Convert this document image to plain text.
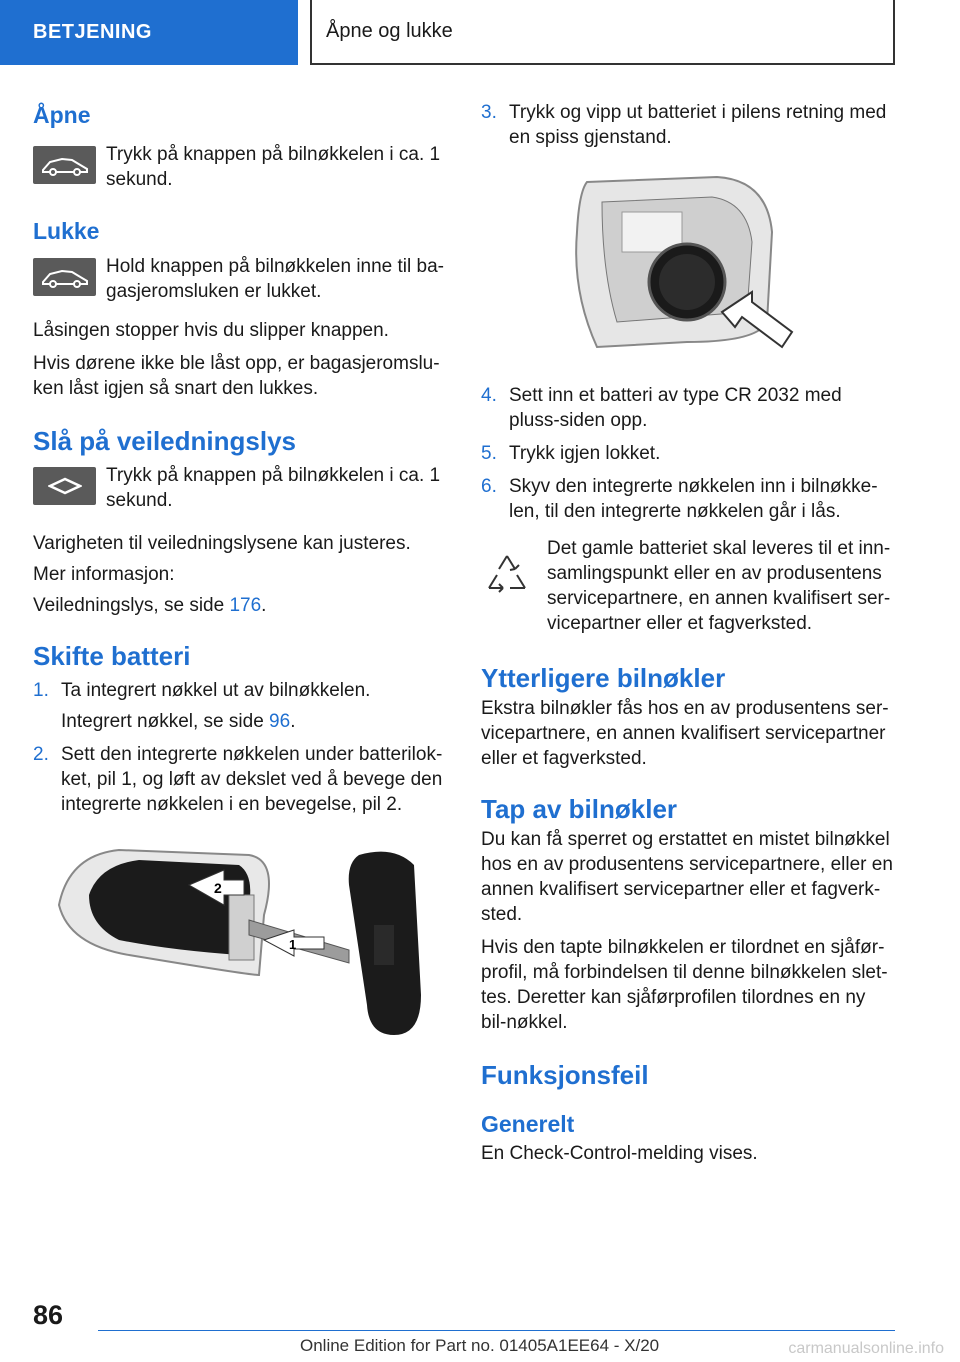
BETJENING	Åpne og lukke
Åpne

Trykk på knappen på bilnøkkelen i ca. 1 sekund.

Lukke

Hold knappen på bilnøkkelen inne til ba-gasjeromsluken er lukket.

Låsingen stopper hvis du slipper knappen.

Hvis dørene ikke ble låst opp, er bagasjeromslu-ken låst igjen så snart den lukkes.

Slå på veiledningslys

Trykk på knappen på bilnøkkelen i ca. 1 sekund.

Varigheten til veiledningslysene kan justeres.

Mer informasjon:

Veiledningslys, se side 176.

Skifte batteri
1. Ta integrert nøkkel ut av bilnøkkelen.

Integrert nøkkel, se side 96.

2. Sett den integrerte nøkkelen under batterilok-ket, pil 1, og løft av dekslet ved å bevege den integrerte nøkkelen i en bevegelse, pil 2.

2
1
3. Trykk og vipp ut batteriet i pilens retning med en spiss gjenstand.

4. Sett inn et batteri av type CR 2032 med pluss-siden opp.

5. Trykk igjen lokket.

6. Skyv den integrerte nøkkelen inn i bilnøkke-len, til den integrerte nøkkelen går i lås.

Det gamle batteriet skal leveres til et inn-samlingspunkt eller en av produsentens servicepartnere, en annen kvalifisert ser-vicepartner eller et fagverksted.

Ytterligere bilnøkler

Ekstra bilnøkler fås hos en av produsentens ser-vicepartnere, en annen kvalifisert servicepartner eller et fagverksted.

Tap av bilnøkler

Du kan få sperret og erstattet en mistet bilnøkkel hos en av produsentens servicepartnere, eller en annen kvalifisert servicepartner eller et fagverk-sted.

Hvis den tapte bilnøkkelen er tilordnet en sjåfør-profil, må forbindelsen til denne bilnøkkelen slet-tes. Deretter kan sjåførprofilen tilordnes en ny bil-nøkkel.

Funksjonsfeil
Generelt

En Check-Control-melding vises.

86
Online Edition for Part no. 01405A1EE64 - X/20	carmanualsonline.info
